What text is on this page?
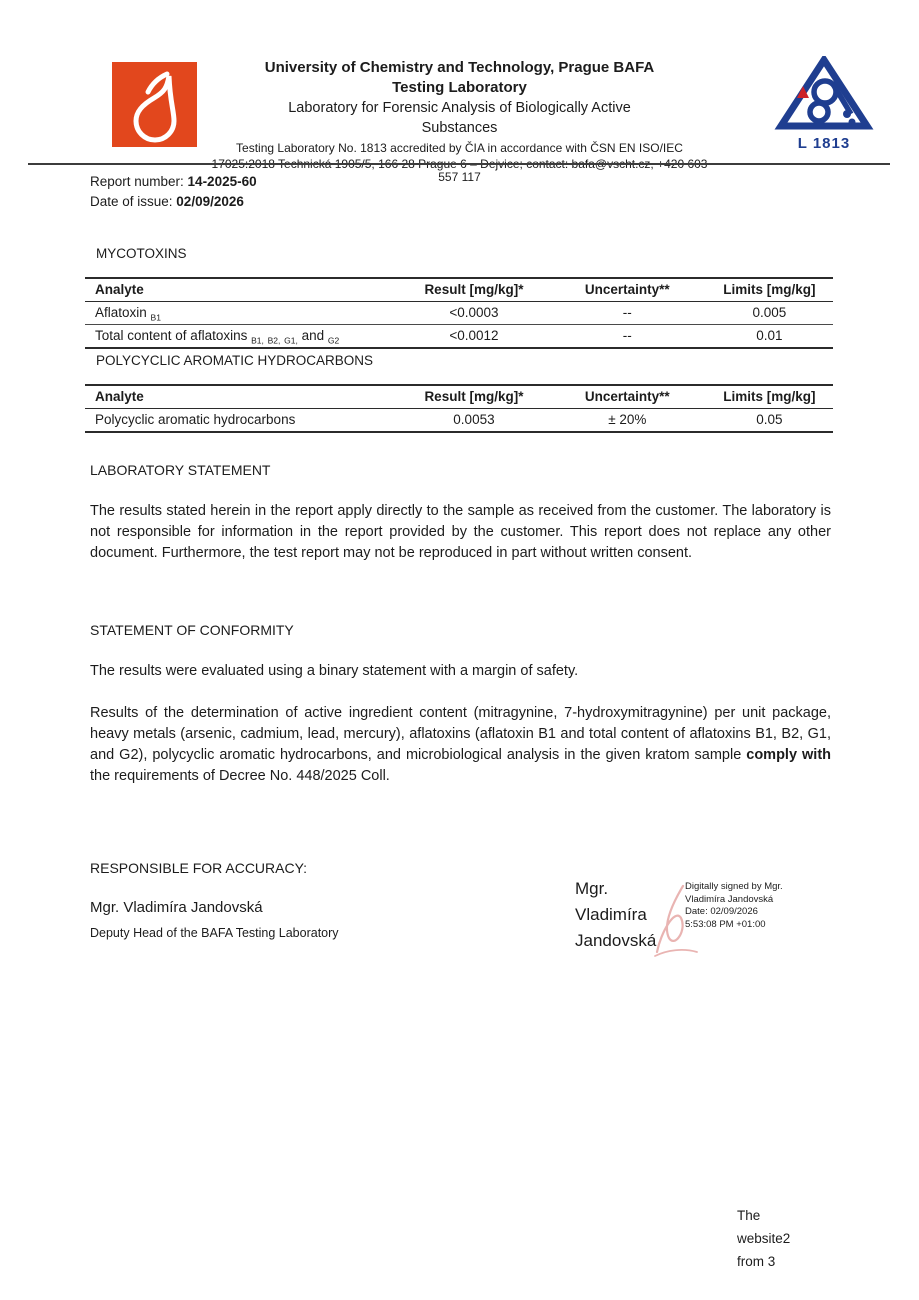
University of Chemistry and Technology, Prague BAFA
Testing Laboratory
Laboratory for Forensic Analysis of Biologically Active
Substances
Testing Laboratory No. 1813 accredited by ČIA in accordance with ČSN EN ISO/IEC
17025:2018 Technická 1905/5, 166 28 Prague 6 – Dejvice; contact: bafa@vscht.cz, +420 603
L 1813
557 117
Report number: 14-2025-60
Date of issue: 02/09/2026
MYCOTOXINS
Analyte	Result [mg/kg]*	Uncertainty**	Limits [mg/kg]
Aflatoxin $_{B1}$	<0.0003	--	0.005
Total content of aflatoxins $_{B1,}$ $_{B2,}$ $_{G1,}$ and $_{G2}$	<0.0012	--	0.01
POLYCYCLIC AROMATIC HYDROCARBONS
Analyte	Result [mg/kg]*	Uncertainty**	Limits [mg/kg]
Polycyclic aromatic hydrocarbons	0.0053	± 20%	0.05
LABORATORY STATEMENT

The results stated herein in the report apply directly to the sample as received from the customer. The laboratory is not responsible for information in the report provided by the customer. This report does not replace any other document. Furthermore, the test report may not be reproduced in part without written consent.

STATEMENT OF CONFORMITY

The results were evaluated using a binary statement with a margin of safety.

Results of the determination of active ingredient content (mitragynine, 7-hydroxymitragynine) per unit package, heavy metals (arsenic, cadmium, lead, mercury), aflatoxins (aflatoxin B1 and total content of aflatoxins B1, B2, G1, and G2), polycyclic aromatic hydrocarbons, and microbiological analysis in the given kratom sample comply with the requirements of Decree No. 448/2025 Coll.

RESPONSIBLE FOR ACCURACY:
Mgr. Vladimíra Jandovská
Deputy Head of the BAFA Testing Laboratory
Mgr.
Vladimíra
Jandovská
Digitally signed by Mgr.
Vladimíra Jandovská
Date: 02/09/2026
5:53:08 PM +01:00
The
website2
from 3
